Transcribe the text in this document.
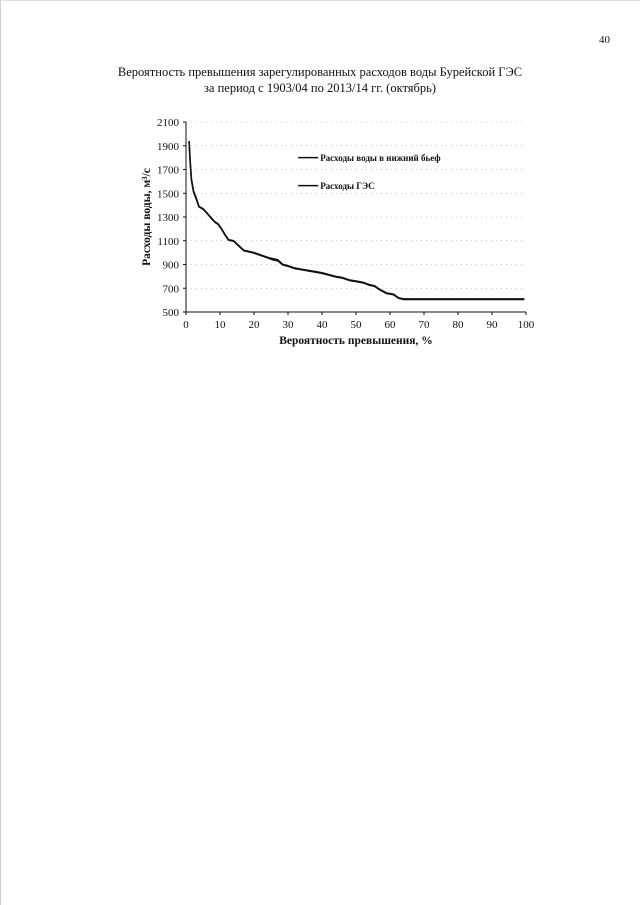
40
Вероятность превышения зарегулированных расходов воды Бурейской ГЭС
за период с 1903/04 по 2013/14 гг. (октябрь)
500
700
900
1100
1300
1500
1700
1900
2100
0 10 20 30 40 50 60 70 80 90 100
Вероятность превышения, %
Расходы воды, м³/с
Расходы воды в нижний бьеф
Расходы ГЭС
